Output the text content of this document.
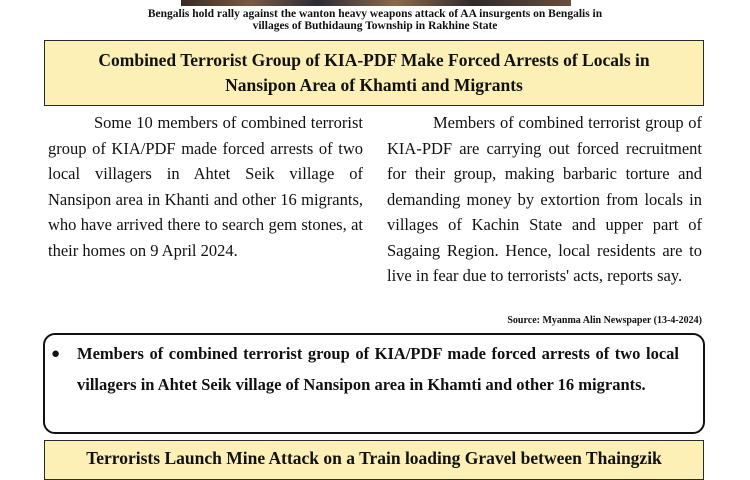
Bengalis hold rally against the wanton heavy weapons attack of AA insurgents on Bengalis in
villages of Buthidaung Township in Rakhine State
Combined Terrorist Group of KIA-PDF Make Forced Arrests of Locals in Nansipon Area of Khamti and Migrants

Some 10 members of combined terrorist group of KIA/PDF made forced arrests of two local villagers in Ahtet Seik village of Nansipon area in Khanti and other 16 migrants, who have arrived there to search gem stones, at their homes on 9 April 2024.

Members of combined terrorist group of KIA-PDF are carrying out forced recruitment for their group, making barbaric torture and demanding money by extortion from locals in villages of Kachin State and upper part of Sagaing Region. Hence, local residents are to live in fear due to terrorists' acts, reports say.

Source: Myanma Alin Newspaper (13-4-2024)
● Members of combined terrorist group of KIA/PDF made forced arrests of two local villagers in Ahtet Seik village of Nansipon area in Khamti and other 16 migrants.
Terrorists Launch Mine Attack on a Train loading Gravel between Thaingzik
